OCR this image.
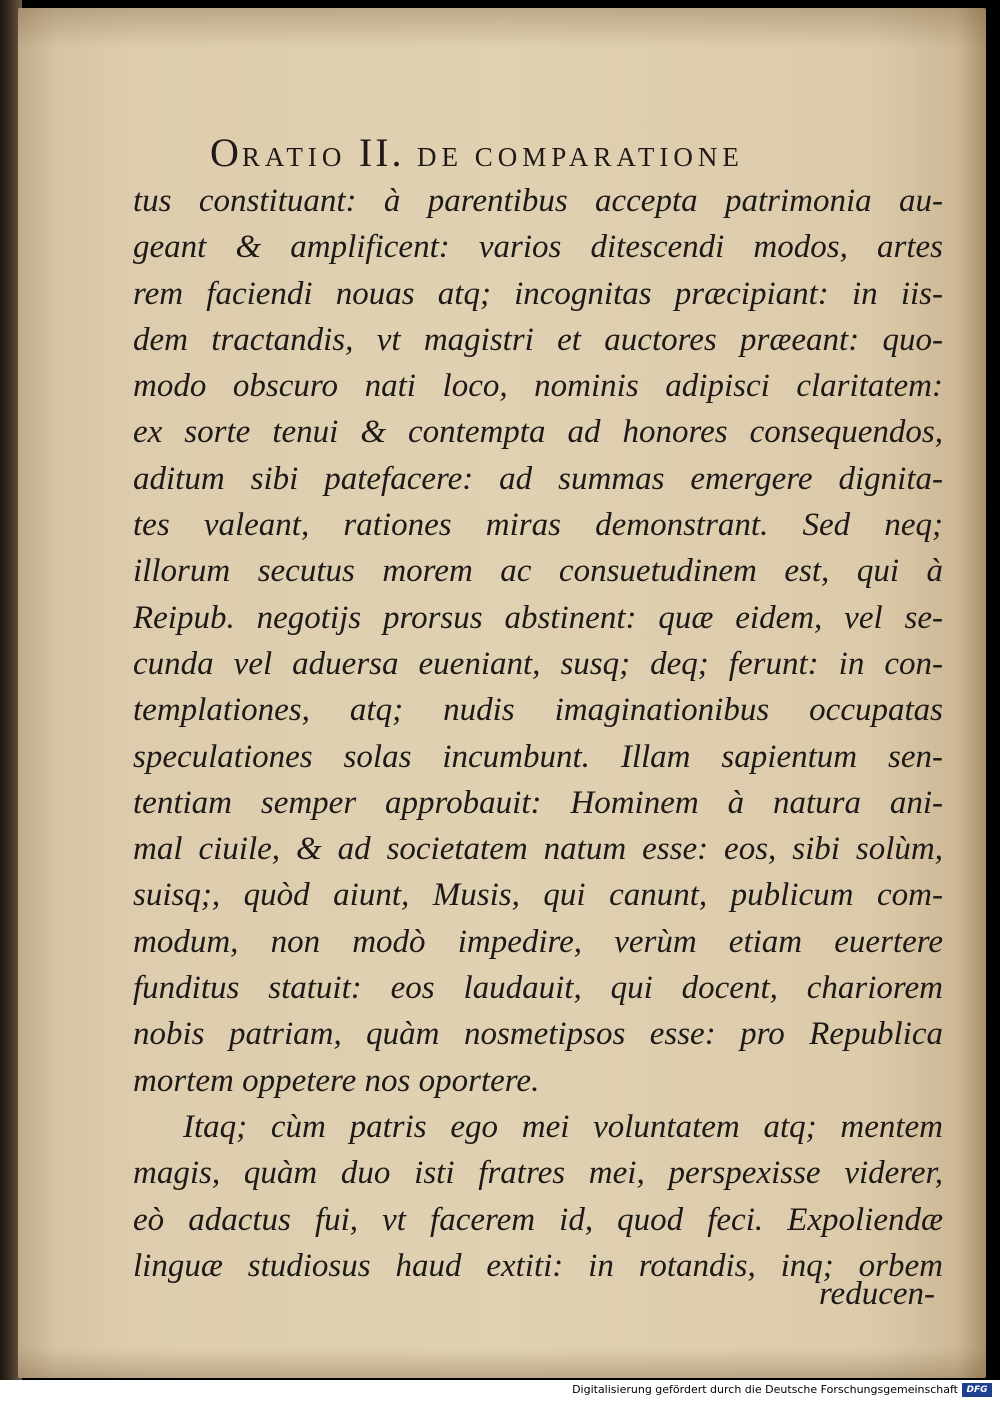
ORATIO II. DE COMPARATIONE
tus constituant: à parentibus accepta patrimonia au-
geant & amplificent: varios ditescendi modos, artes
rem faciendi nouas atq; incognitas præcipiant: in iis-
dem tractandis, vt magistri et auctores præeant: quo-
modo obscuro nati loco, nominis adipisci claritatem:
ex sorte tenui & contempta ad honores consequendos,
aditum sibi patefacere: ad summas emergere dignita-
tes valeant, rationes miras demonstrant. Sed neq;
illorum secutus morem ac consuetudinem est, qui à
Reipub. negotijs prorsus abstinent: quæ eidem, vel se-
cunda vel aduersa eueniant, susq; deq; ferunt: in con-
templationes, atq; nudis imaginationibus occupatas
speculationes solas incumbunt. Illam sapientum sen-
tentiam semper approbauit: Hominem à natura ani-
mal ciuile, & ad societatem natum esse: eos, sibi solùm,
suisq;, quòd aiunt, Musis, qui canunt, publicum com-
modum, non modò impedire, verùm etiam euertere
funditus statuit: eos laudauit, qui docent, chariorem
nobis patriam, quàm nosmetipsos esse: pro Republica
mortem oppetere nos oportere.
Itaq; cùm patris ego mei voluntatem atq; mentem
magis, quàm duo isti fratres mei, perspexisse viderer,
eò adactus fui, vt facerem id, quod feci. Expoliendæ
linguæ studiosus haud extiti: in rotandis, inq; orbem
reducen-
Digitalisierung gefördert durch die Deutsche Forschungsgemeinschaft DFG
